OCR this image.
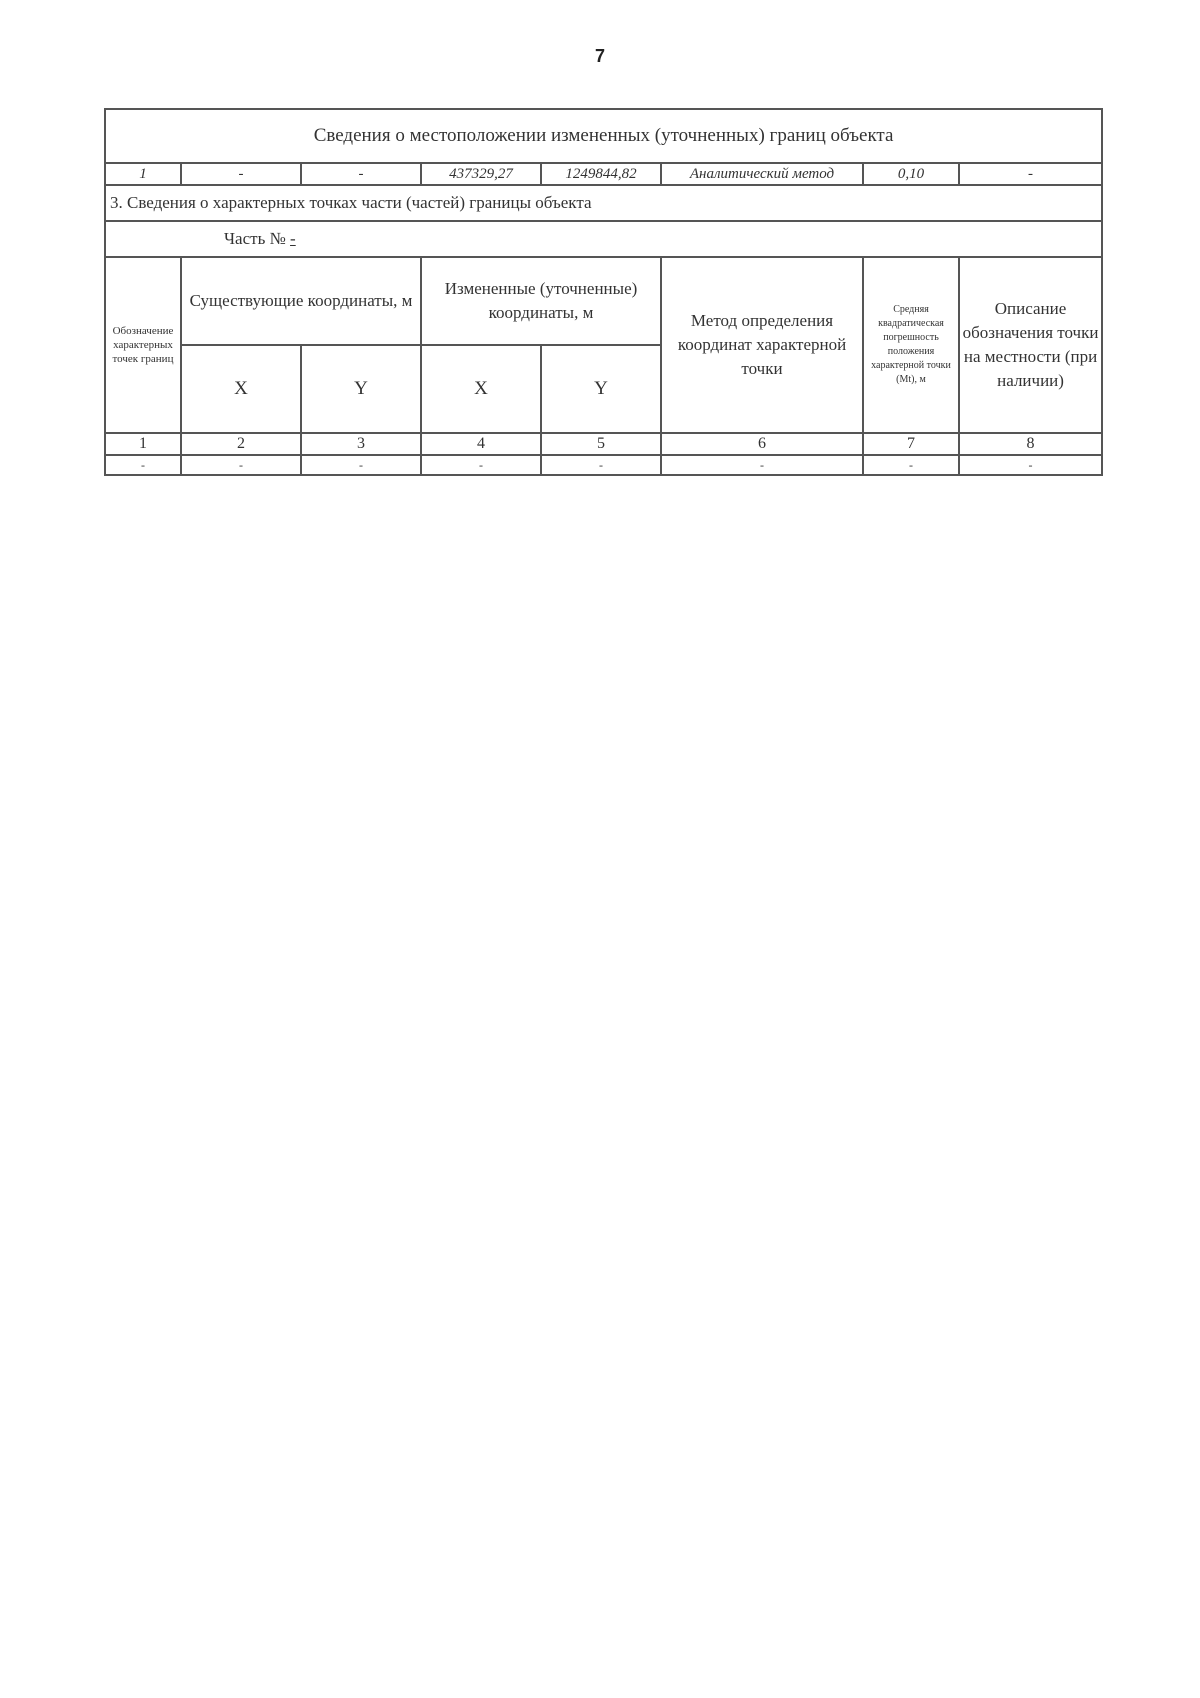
7
Сведения о местоположении измененных (уточненных) границ объекта							
1	-	-	437329,27	1249844,82	Аналитический метод	0,10	-
3. Сведения о характерных точках части (частей) границы объекта							

Часть № -							

Обозначение характерных точек границ	Существующие координаты, м		Измененные (уточненные) координаты, м		Метод определения координат характерной точки	Средняя квадратическая погрешность положения характерной точки (Mt), м	Описание обозначения точки на местности (при наличии)
	X	Y	X	Y			
1	2	3	4	5	6	7	8
-	-	-	-	-	-	-	-
